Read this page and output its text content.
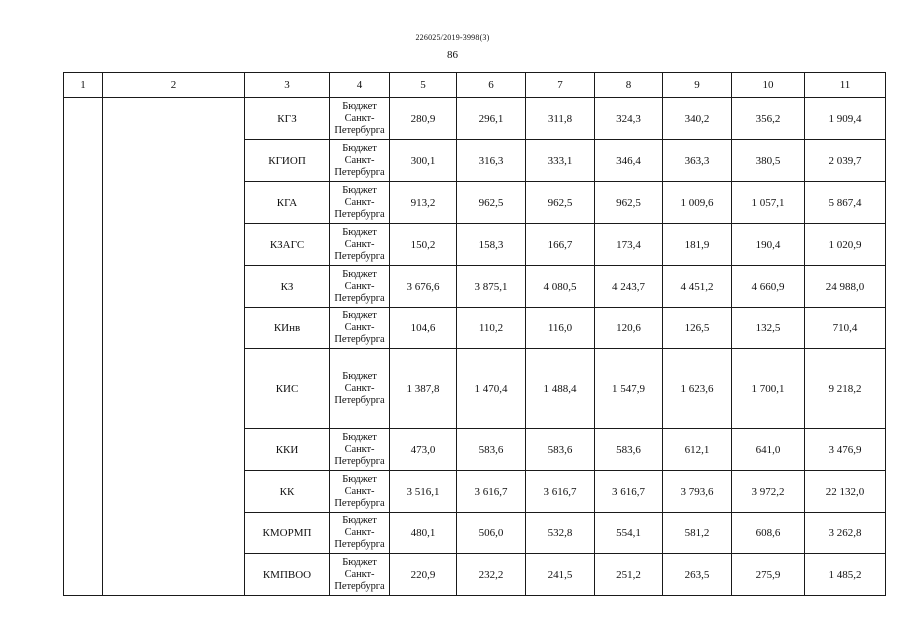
226025/2019-3998(3)
86
1	2	3	4	5	6	7	8	9	10	11
		КГЗ	Бюджет
Санкт-
Петербурга	280,9	296,1	311,8	324,3	340,2	356,2	1 909,4
		КГИОП	Бюджет
Санкт-
Петербурга	300,1	316,3	333,1	346,4	363,3	380,5	2 039,7
		КГА	Бюджет
Санкт-
Петербурга	913,2	962,5	962,5	962,5	1 009,6	1 057,1	5 867,4
		КЗАГС	Бюджет
Санкт-
Петербурга	150,2	158,3	166,7	173,4	181,9	190,4	1 020,9
		КЗ	Бюджет
Санкт-
Петербурга	3 676,6	3 875,1	4 080,5	4 243,7	4 451,2	4 660,9	24 988,0
		КИнв	Бюджет
Санкт-
Петербурга	104,6	110,2	116,0	120,6	126,5	132,5	710,4
		КИС	Бюджет
Санкт-
Петербурга	1 387,8	1 470,4	1 488,4	1 547,9	1 623,6	1 700,1	9 218,2
		ККИ	Бюджет
Санкт-
Петербурга	473,0	583,6	583,6	583,6	612,1	641,0	3 476,9
		КК	Бюджет
Санкт-
Петербурга	3 516,1	3 616,7	3 616,7	3 616,7	3 793,6	3 972,2	22 132,0
		КМОРМП	Бюджет
Санкт-
Петербурга	480,1	506,0	532,8	554,1	581,2	608,6	3 262,8
		КМПВОО	Бюджет
Санкт-
Петербурга	220,9	232,2	241,5	251,2	263,5	275,9	1 485,2
